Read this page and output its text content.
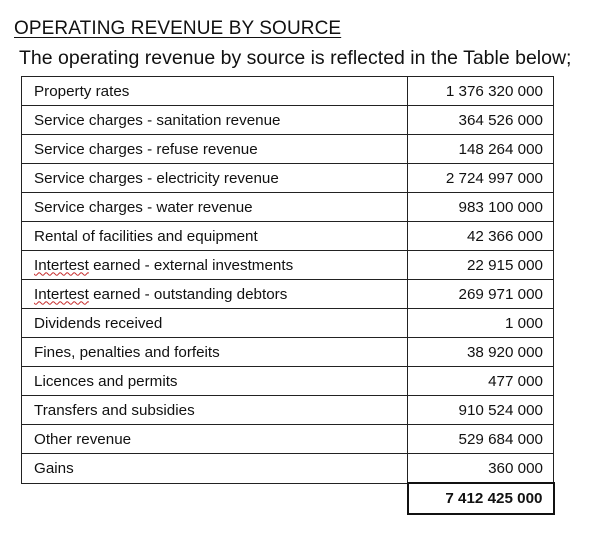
OPERATING REVENUE BY SOURCE
The operating revenue by source is reflected in the Table below;
Property rates	1 376 320 000
Service charges - sanitation revenue	364 526 000
Service charges - refuse revenue	148 264 000
Service charges - electricity revenue	2 724 997 000
Service charges - water revenue	983 100 000
Rental of facilities and equipment	42 366 000
Intertest earned - external investments	22 915 000
Intertest earned - outstanding debtors	269 971 000
Dividends received	1 000
Fines, penalties and forfeits	38 920 000
Licences and permits	477 000
Transfers and subsidies	910 524 000
Other revenue	529 684 000
Gains	360 000
	7 412 425 000
